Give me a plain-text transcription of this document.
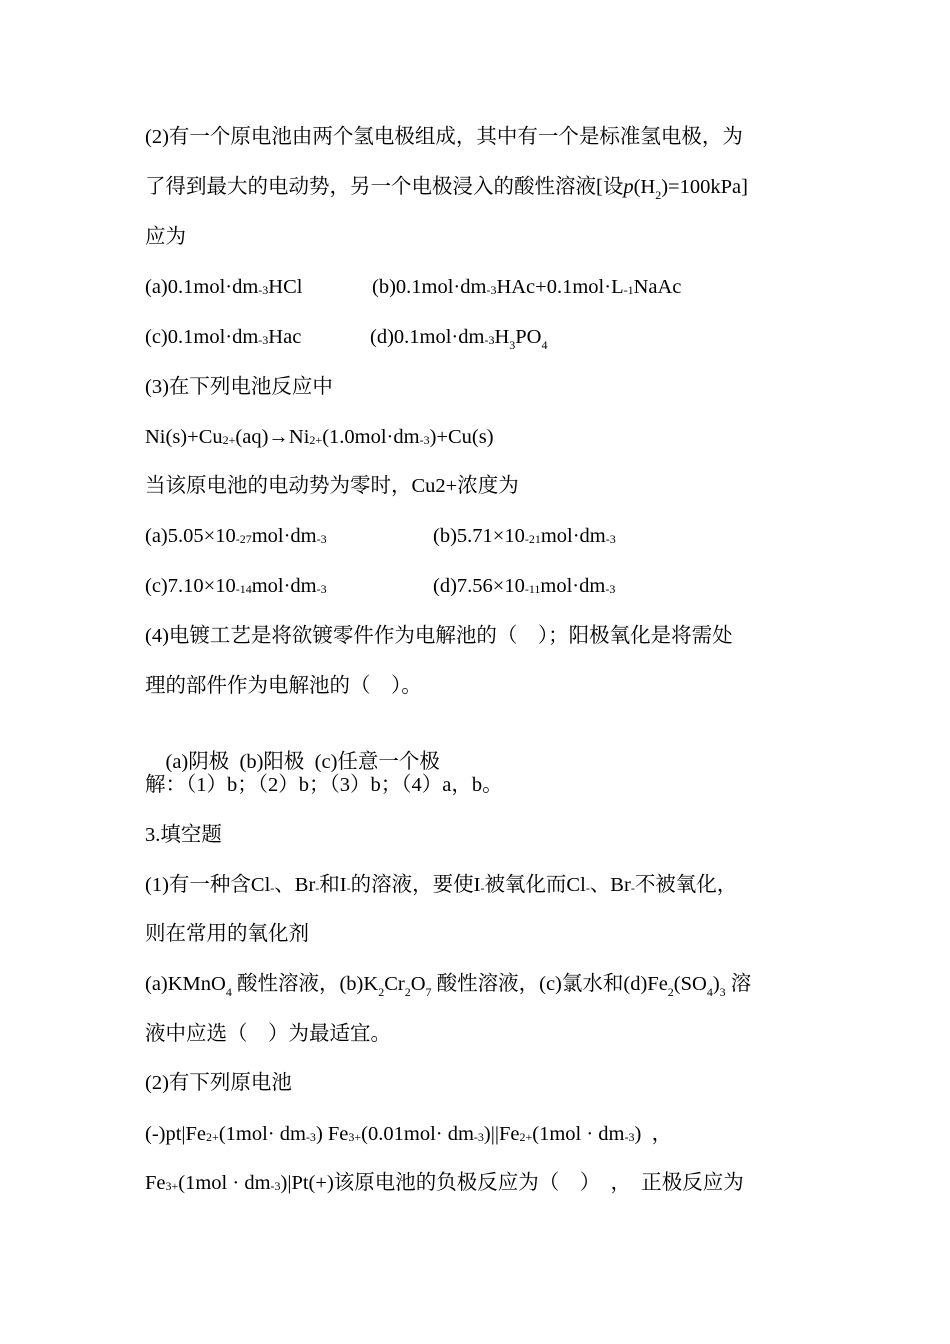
(2)有一个原电池由两个氢电极组成，其中有一个是标准氢电极，为
了得到最大的电动势，另一个电极浸入的酸性溶液[设$p(H_2)=100kPa$]
应为
(a)0.1mol·dm-3HCl	(b)0.1mol·dm-3HAc+0.1mol·L-1NaAc
(c)0.1mol·dm-3Hac	$(d)0.1mol\cdot dm-3H_3PO_4$
(3)在下列电池反应中
Ni(s)+Cu2+(aq)→Ni2+(1.0mol·dm-3)+Cu(s)
当该原电池的电动势为零时，Cu2+浓度为
(a)5.05×10-27mol·dm-3	(b)5.71×10-21mol·dm-3
(c)7.10×10-14mol·dm-3	(d)7.56×10-11mol·dm-3
(4)电镀工艺是将欲镀零件作为电解池的（　）；阳极氧化是将需处
理的部件作为电解池的（　）。

(a)阴极  (b)阳极  (c)任意一个极

解：（1）b；（2）b；（3）b；（4）a，b。
3.填空题
(1)有一种含Cl-、Br-和I-的溶液，要使I-被氧化而Cl-、Br-不被氧化，
则在常用的氧化剂
(a)KMnO$_4$ 酸性溶液，$(b)K_2Cr_2O_7$ 酸性溶液，(c)氯水和$(d)Fe_2(SO_4)_3$ 溶
液中应选（　）为最适宜。
(2)有下列原电池
(-)pt|Fe2+(1mol· dm-3) Fe3+(0.01mol· dm-3)||Fe2+(1mol · dm-3)  ，
Fe3+(1mol · dm-3)|Pt(+)该原电池的负极反应为（　）　，　正极反应为
